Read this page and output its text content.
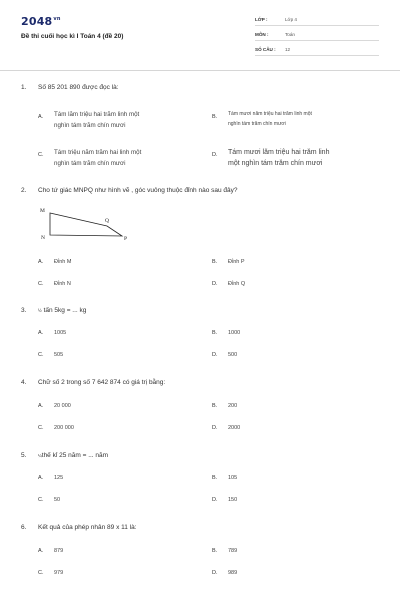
$2048^{vn}$
Đề thi cuối học kì I Toán 4 (đề 20)
LỚP :	Lớp 4
MÔN :	Toán
SỐ CÂU : 12
1. Số 85 201 890 được đọc là:
A. Tám lăm triệu hai trăm linh một
nghìn tám trăm chín mươi
B. Tám mươi năm triệu hai trăm linh một
nghìn tám trăm chín mươi
C. Tám triệu năm trăm hai linh một
nghìn tám trăm chín mươi
D. Tám mươi lăm triệu hai trăm linh
một nghìn tám trăm chín mươi
2. Cho tứ giác MNPQ như hình vẽ , góc vuông thuộc đỉnh nào sau đây?
M
N	P
Q
A. Đỉnh M	B. Đỉnh P
C. Đỉnh N	D. Đỉnh Q
3.	½ tấn 5kg = ... kg
A. 1005	B. 1000
C. 505	D. 500
4. Chữ số 2 trong số 7 642 874 có giá trị bằng:
A. 20 000	B. 200
C. 200 000	D. 2000
5.	¼thế kỉ 25 năm = ... năm
A. 125	B. 105
C. 50	D. 150
6. Kết quả của phép nhân 89 x 11 là:
A. 879	B. 789
C. 979	D. 989
